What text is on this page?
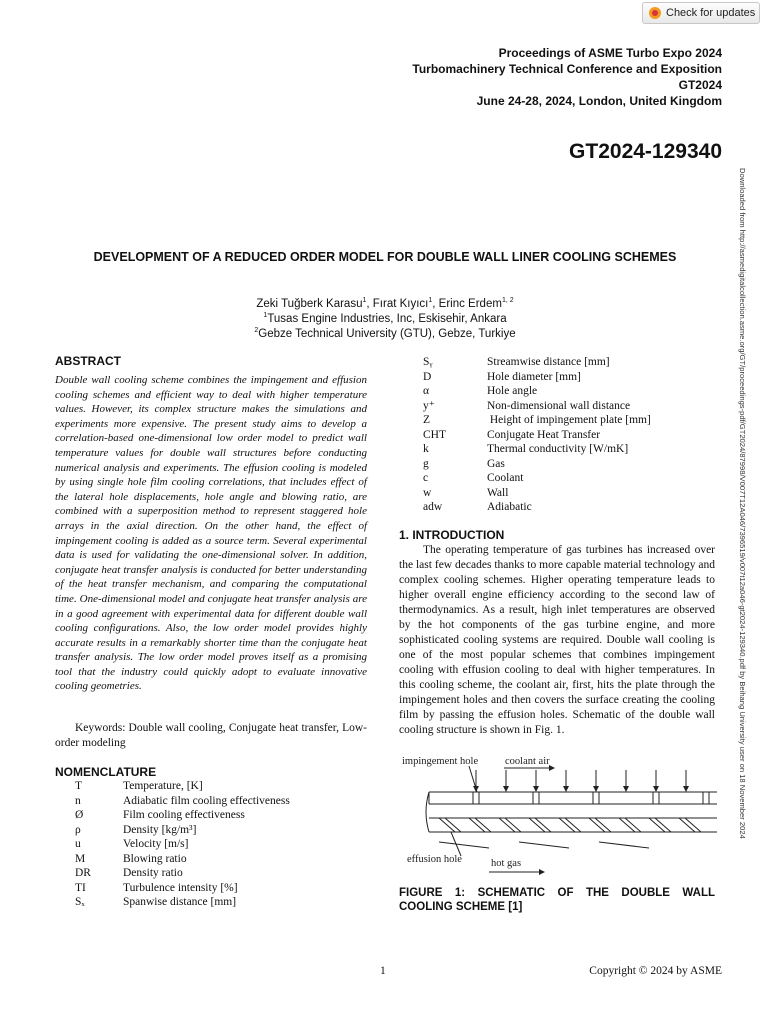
Check for updates
Proceedings of ASME Turbo Expo 2024
Turbomachinery Technical Conference and Exposition
GT2024
June 24-28, 2024, London, United Kingdom
GT2024-129340
Downloaded from http://asmedigitalcollection.asme.org/GT/proceedings-pdf/GT2024/87998/V007T12A046/7396519/v007t12a046-gt2024-129340.pdf by Beihang University user on 18 November 2024
DEVELOPMENT OF A REDUCED ORDER MODEL FOR DOUBLE WALL LINER COOLING SCHEMES
Zeki Tuğberk Karasu$^1$, Fırat Kıyıcı$^1$, Erinc Erdem$^{1, 2}$
$^1$Tusas Engine Industries, Inc, Eskisehir, Ankara
$^2$Gebze Technical University (GTU), Gebze, Turkiye
ABSTRACT

Double wall cooling scheme combines the impingement and effusion cooling schemes and efficient way to deal with higher temperature values. However, its complex structure makes the simulations and experiments more expensive. The present study aims to develop a correlation-based one-dimensional low order model to predict wall temperature values for double wall structures before conducting numerical analysis and experiments. The effusion cooling is modeled by using single hole film cooling correlations, that includes effect of the lateral hole displacements, hole angle and blowing ratio, are combined with a superposition method to represent staggered hole arrays in the axial direction. On the other hand, the effect of impingement cooling is added as a source term. Several experimental data is used for validating the one-dimensional solver. In addition, conjugate heat transfer analysis is conducted for better understanding of the heat transfer mechanism, and comparing the computational time. One-dimensional model and conjugate heat transfer analysis are in a good agreement with experimental data for different double wall cooling configurations. Also, the low order model provides highly accurate results in a remarkably shorter time than the conjugate heat transfer analysis. The low order model proves itself as a promising tool that the industry could quickly adopt to evaluate innovative cooling geometries.

Keywords: Double wall cooling, Conjugate heat transfer, Low-order modeling

NOMENCLATURE
T	Temperature, [K]
n	Adiabatic film cooling effectiveness
Ø	Film cooling effectiveness
ρ	Density [kg/m³]
u	Velocity [m/s]
M	Blowing ratio
DR	Density ratio
TI	Turbulence intensity [%]
Sₓ	Spanwise distance [mm]
Sᵧ	Streamwise distance [mm]
D	Hole diameter [mm]
α	Hole angle
y⁺	Non-dimensional wall distance
Z	Height of impingement plate [mm]
CHT	Conjugate Heat Transfer
k	Thermal conductivity [W/mK]
g	Gas
c	Coolant
w	Wall
adw	Adiabatic
1. INTRODUCTION

The operating temperature of gas turbines has increased over the last few decades thanks to more capable material technology and complex cooling schemes. Higher operating temperature leads to higher overall engine efficiency according to the second law of thermodynamics. As a result, high inlet temperatures are observed by the hot components of the gas turbine engine, and more sophisticated cooling systems are required. Double wall cooling is one of the most popular schemes that combines impingement cooling with effusion cooling to deal with higher temperatures. In this cooling scheme, the coolant air, first, hits the plate through the impingement holes and then covers the surface creating the cooling film by passing the effusion holes. Schematic of the double wall cooling structure is shown in Fig. 1.

impingement hole	coolant air
effusion hole	hot gas
FIGURE 1: SCHEMATIC OF THE DOUBLE WALL COOLING SCHEME [1]
1	Copyright © 2024 by ASME
